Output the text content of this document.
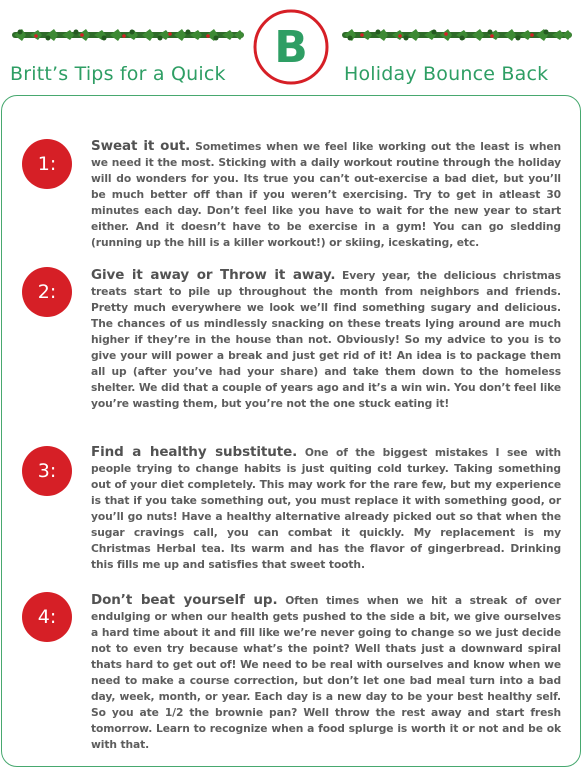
B
Britt’s Tips for a Quick	Holiday Bounce Back
1:
Sweat it out. Sometimes when we feel like working out the least is when we need it the most. Sticking with a daily workout routine through the holiday will do wonders for you. Its true you can’t out-exercise a bad diet, but you’ll be much better off than if you weren’t exercising. Try to get in atleast 30 minutes each day. Don’t feel like you have to wait for the new year to start either. And it doesn’t have to be exercise in a gym! You can go sledding (running up the hill is a killer workout!) or skiing, iceskating, etc.
2:
Give it away or Throw it away. Every year, the delicious christmas treats start to pile up throughout the month from neighbors and friends. Pretty much everywhere we look we’ll find something sugary and delicious. The chances of us mindlessly snacking on these treats lying around are much higher if they’re in the house than not. Obviously! So my advice to you is to give your will power a break and just get rid of it! An idea is to package them all up (after you’ve had your share) and take them down to the homeless shelter. We did that a couple of years ago and it’s a win win. You don’t feel like you’re wasting them, but you’re not the one stuck eating it!
3:
Find a healthy substitute. One of the biggest mistakes I see with people trying to change habits is just quiting cold turkey. Taking something out of your diet completely. This may work for the rare few, but my experience is that if you take something out, you must replace it with something good, or you’ll go nuts! Have a healthy alternative already picked out so that when the sugar cravings call, you can combat it quickly. My replacement is my Christmas Herbal tea. Its warm and has the flavor of gingerbread. Drinking this fills me up and satisfies that sweet tooth.
4:
Don’t beat yourself up. Often times when we hit a streak of over endulging or when our health gets pushed to the side a bit, we give ourselves a hard time about it and fill like we’re never going to change so we just decide not to even try because what’s the point? Well thats just a downward spiral thats hard to get out of! We need to be real with ourselves and know when we need to make a course correction, but don’t let one bad meal turn into a bad day, week, month, or year. Each day is a new day to be your best healthy self. So you ate 1/2 the brownie pan? Well throw the rest away and start fresh tomorrow. Learn to recognize when a food splurge is worth it or not and be ok with that.
